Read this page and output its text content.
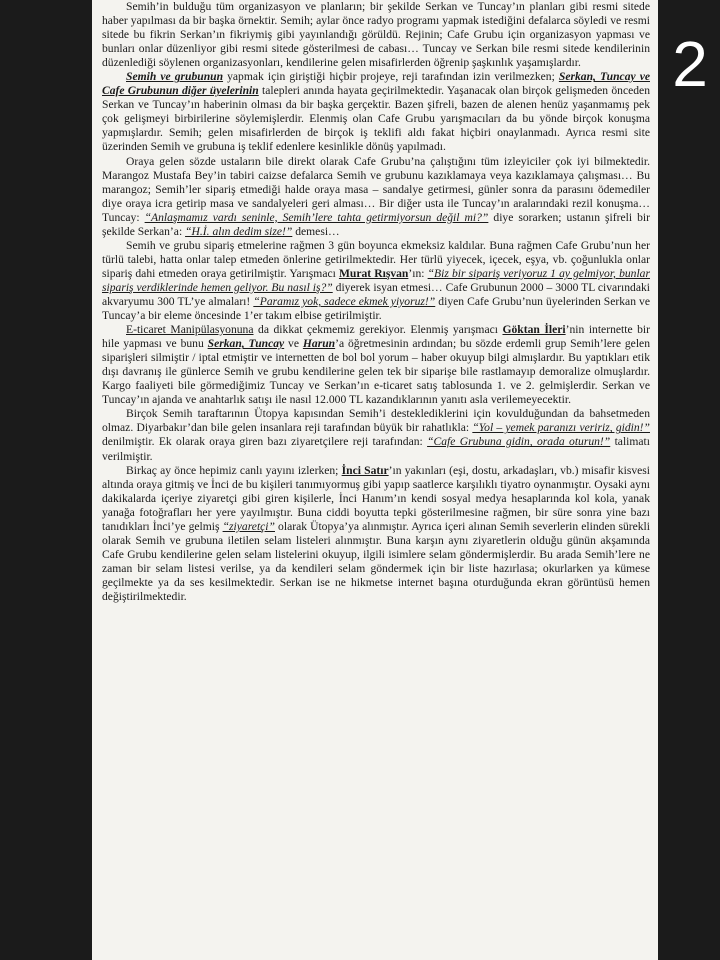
Semih’in bulduğu tüm organizasyon ve planların; bir şekilde Serkan ve Tuncay’ın planları gibi resmi sitede haber yapılması da bir başka örnektir. Semih; aylar önce radyo programı yapmak istediğini defalarca söyledi ve resmi sitede bu fikrin Serkan’ın fikriymiş gibi yayınlandığı görüldü. Rejinin; Cafe Grubu için organizasyon yapması ve bunları onlar düzenliyor gibi resmi sitede gösterilmesi de cabası… Tuncay ve Serkan bile resmi sitede kendilerinin düzenlediği söylenen organizasyonları, kendilerine gelen misafirlerden öğrenip şaşkınlık yaşamışlardır.

Semih ve grubunun yapmak için giriştiği hiçbir projeye, reji tarafından izin verilmezken; Serkan, Tuncay ve Cafe Grubunun diğer üyelerinin talepleri anında hayata geçirilmektedir. Yaşanacak olan birçok gelişmeden önceden Serkan ve Tuncay’ın haberinin olması da bir başka gerçektir. Bazen şifreli, bazen de alenen henüz yaşanmamış pek çok gelişmeyi birbirilerine söylemişlerdir. Elenmiş olan Cafe Grubu yarışmacıları da bu yönde birçok konuşma yapmışlardır. Semih; gelen misafirlerden de birçok iş teklifi aldı fakat hiçbiri onaylanmadı. Ayrıca resmi site üzerinden Semih ve grubuna iş teklif edenlere kesinlikle dönüş yapılmadı.

Oraya gelen sözde ustaların bile direkt olarak Cafe Grubu’na çalıştığını tüm izleyiciler çok iyi bilmektedir. Marangoz Mustafa Bey’in tabiri caizse defalarca Semih ve grubunu kazıklamaya veya kazıklamaya çalışması… Bu marangoz; Semih’ler sipariş etmediği halde oraya masa – sandalye getirmesi, günler sonra da parasını ödemediler diye oraya icra getirip masa ve sandalyeleri geri alması… Bir diğer usta ile Tuncay’ın aralarındaki rezil konuşma… Tuncay: “Anlaşmamız vardı seninle, Semih’lere tahta getirmiyorsun değil mi?” diye sorarken; ustanın şifreli bir şekilde Serkan’a: “H.İ. alın dedim size!” demesi…

Semih ve grubu sipariş etmelerine rağmen 3 gün boyunca ekmeksiz kaldılar. Buna rağmen Cafe Grubu’nun her türlü talebi, hatta onlar talep etmeden önlerine getirilmektedir. Her türlü yiyecek, içecek, eşya, vb. çoğunlukla onlar sipariş dahi etmeden oraya getirilmiştir. Yarışmacı Murat Rışvan’ın: “Biz bir sipariş veriyoruz 1 ay gelmiyor, bunlar sipariş verdiklerinde hemen geliyor. Bu nasıl iş?” diyerek isyan etmesi… Cafe Grubunun 2000 – 3000 TL civarındaki akvaryumu 300 TL’ye almaları! “Paramız yok, sadece ekmek yiyoruz!” diyen Cafe Grubu’nun üyelerinden Serkan ve Tuncay’a bir eleme öncesinde 1’er takım elbise getirilmiştir.

E-ticaret Manipülasyonuna da dikkat çekmemiz gerekiyor. Elenmiş yarışmacı Göktan İleri’nin internette bir hile yapması ve bunu Serkan, Tuncay ve Harun’a öğretmesinin ardından; bu sözde erdemli grup Semih’lere gelen siparişleri silmiştir / iptal etmiştir ve internetten de bol bol yorum – haber okuyup bilgi almışlardır. Bu yaptıkları etik dışı davranış ile günlerce Semih ve grubu kendilerine gelen tek bir siparişe bile rastlamayıp demoralize olmuşlardır. Kargo faaliyeti bile görmediğimiz Tuncay ve Serkan’ın e-ticaret satış tablosunda 1. ve 2. gelmişlerdir. Serkan ve Tuncay’ın ajanda ve anahtarlık satışı ile nasıl 12.000 TL kazandıklarının yanıtı asla verilemeyecektir.

Birçok Semih taraftarının Ütopya kapısından Semih’i desteklediklerini için kovulduğundan da bahsetmeden olmaz. Diyarbakır’dan bile gelen insanlara reji tarafından büyük bir rahatlıkla: “Yol – yemek paranızı veririz, gidin!” denilmiştir. Ek olarak oraya giren bazı ziyaretçilere reji tarafından: “Cafe Grubuna gidin, orada oturun!” talimatı verilmiştir.

Birkaç ay önce hepimiz canlı yayını izlerken; İnci Satır’ın yakınları (eşi, dostu, arkadaşları, vb.) misafir kisvesi altında oraya gitmiş ve İnci de bu kişileri tanımıyormuş gibi yapıp saatlerce karşılıklı tiyatro oynanmıştır. Oysaki aynı dakikalarda içeriye ziyaretçi gibi giren kişilerle, İnci Hanım’ın kendi sosyal medya hesaplarında kol kola, yanak yanağa fotoğrafları her yere yayılmıştır. Buna ciddi boyutta tepki gösterilmesine rağmen, bir süre sonra yine bazı tanıdıkları İnci’ye gelmiş “ziyaretçi” olarak Ütopya’ya alınmıştır. Ayrıca içeri alınan Semih severlerin elinden sürekli olarak Semih ve grubuna iletilen selam listeleri alınmıştır. Buna karşın aynı ziyaretlerin olduğu günün akşamında Cafe Grubu kendilerine gelen selam listelerini okuyup, ilgili isimlere selam göndermişlerdir. Bu arada Semih’lere ne zaman bir selam listesi verilse, ya da kendileri selam göndermek için bir liste hazırlasa; okurlarken ya kümese geçilmekte ya da ses kesilmektedir. Serkan ise ne hikmetse internet başına oturduğunda ekran görüntüsü hemen değiştirilmektedir.

2
